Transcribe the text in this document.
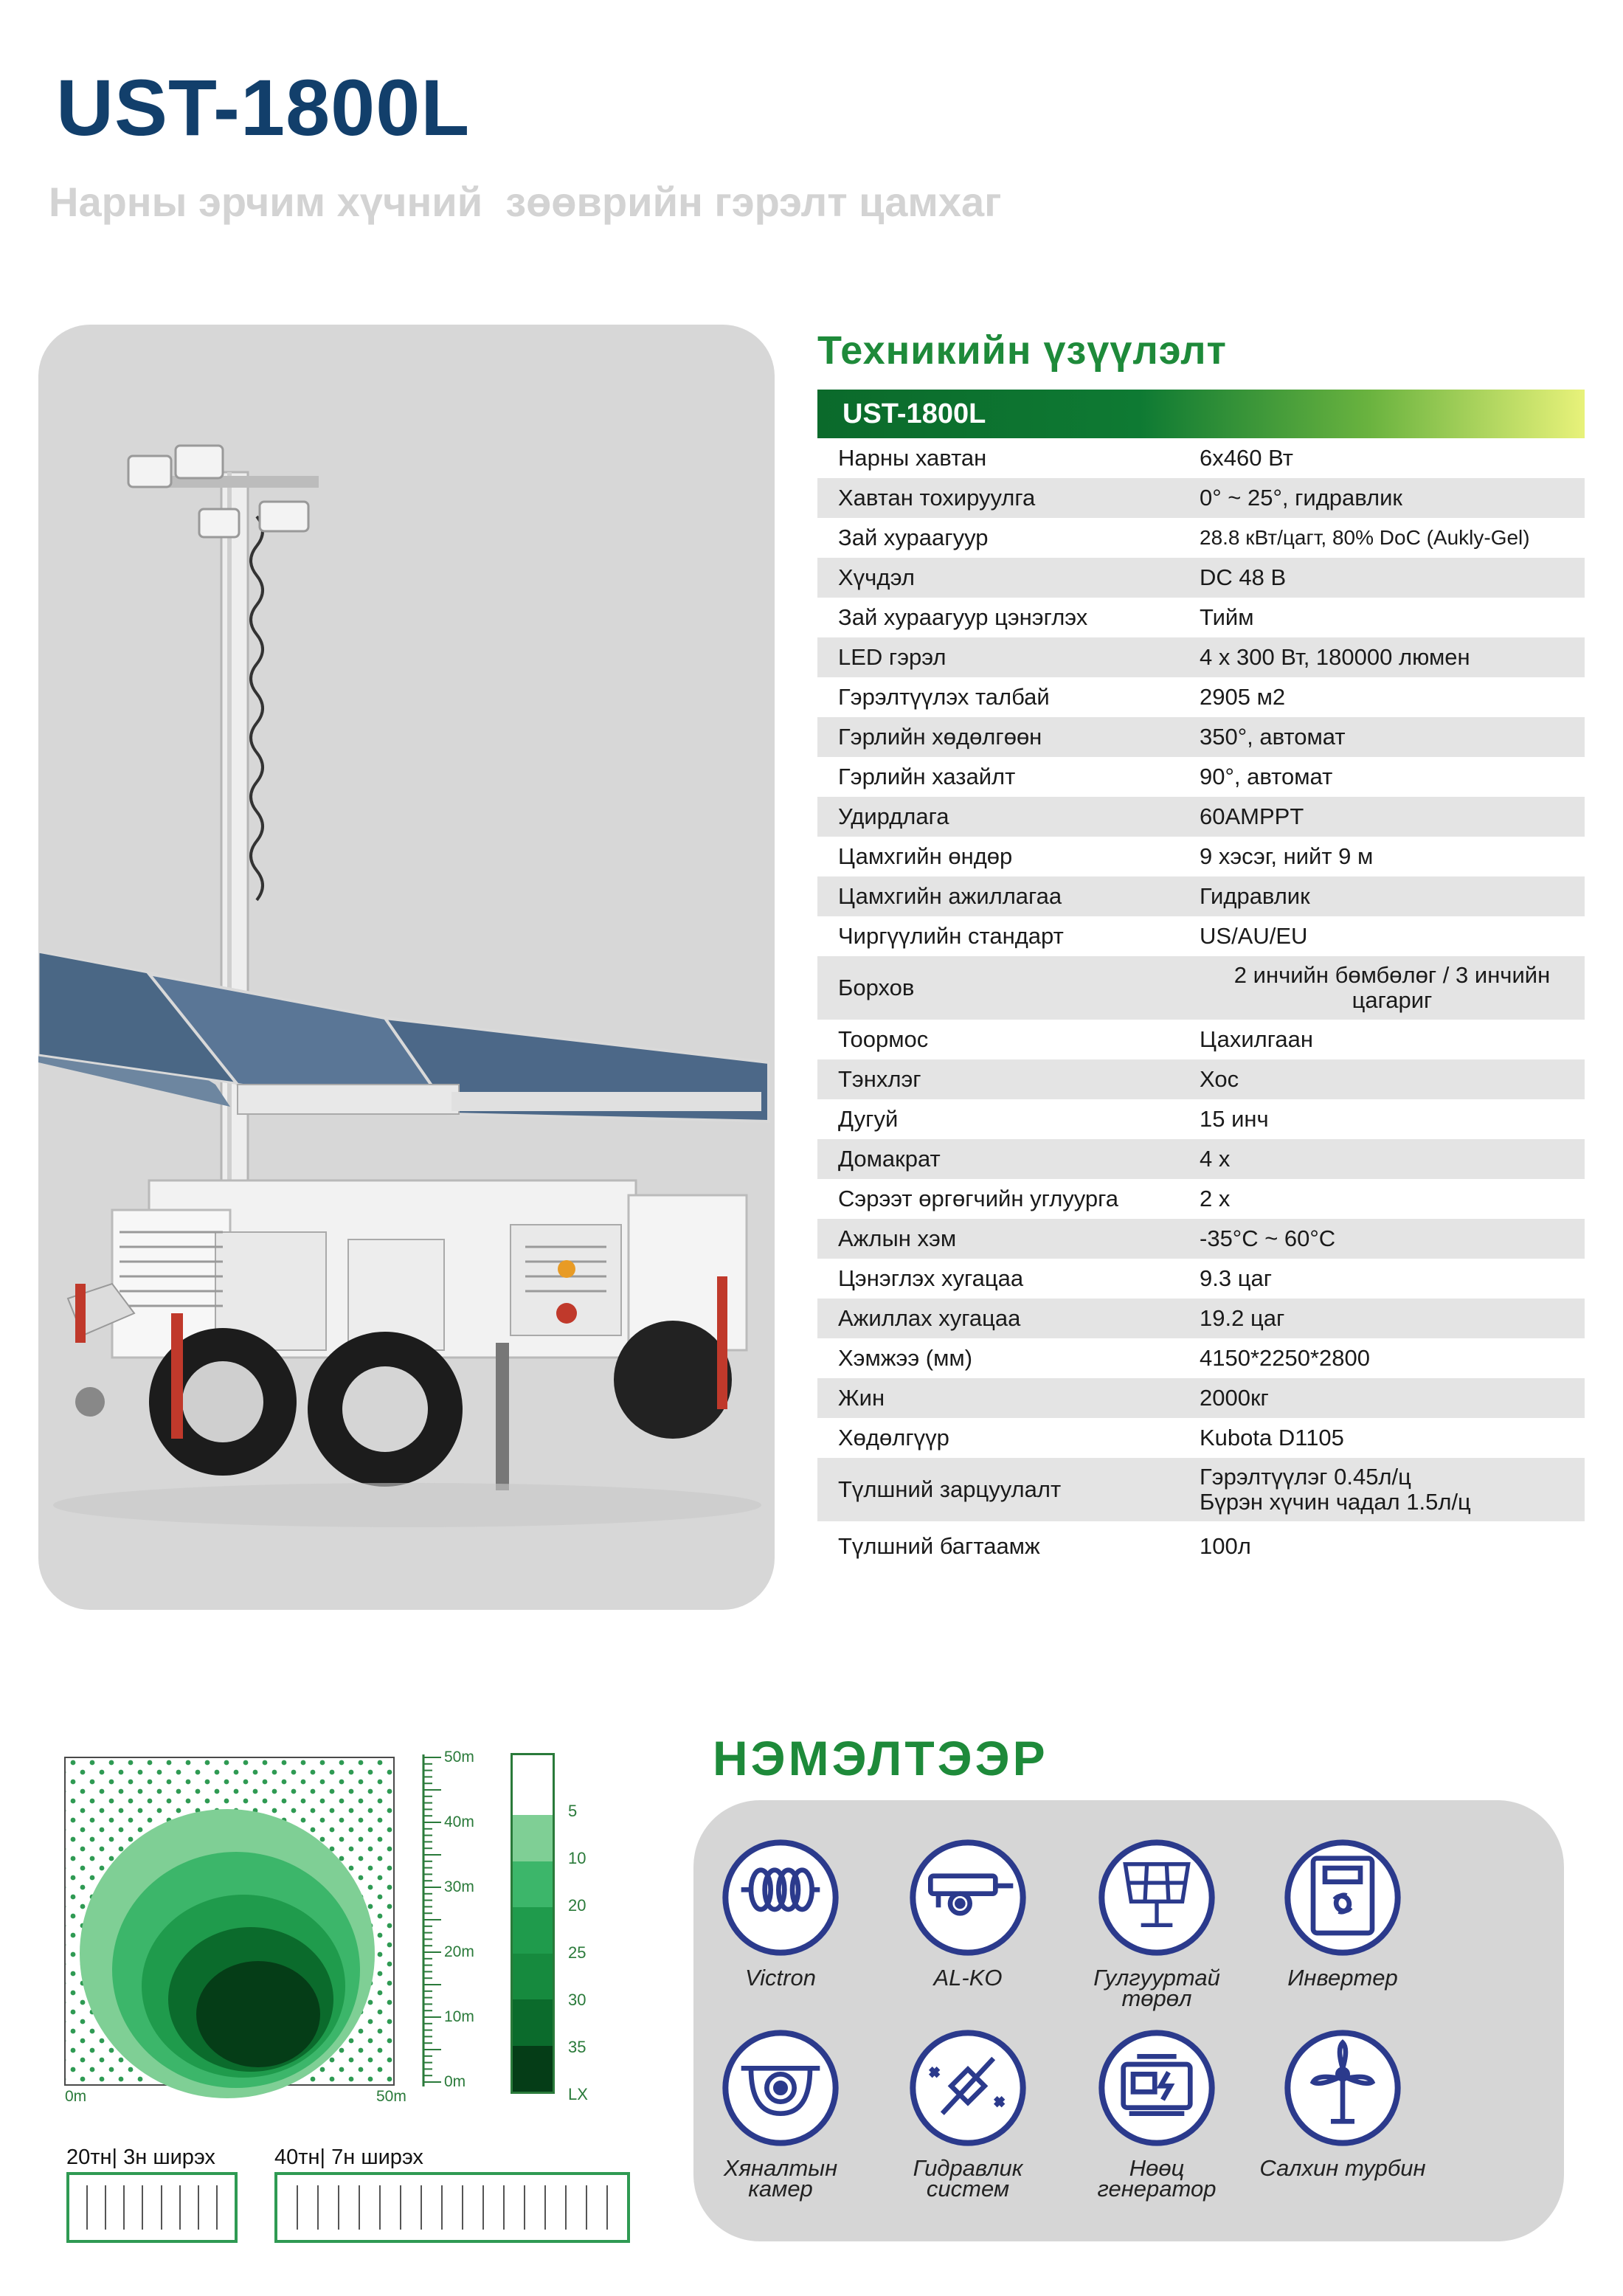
UST-1800L
Нарны эрчим хүчний  зөөврийн гэрэлт цамхаг
Техникийн үзүүлэлт
UST-1800L
Нарны хавтан	6x460 Вт
Хавтан тохируулга	0° ~ 25°, гидравлик
Зай хураагуур	28.8 кВт/цагт, 80% DoC (Aukly-Gel)
Хүчдэл	DC 48 В
Зай хураагуур цэнэглэх	Тийм
LED гэрэл	4 x 300 Вт, 180000 люмен
Гэрэлтүүлэх талбай	2905 м2
Гэрлийн хөдөлгөөн	350°, автомат
Гэрлийн хазайлт	90°, автомат
Удирдлага	60AMPPT
Цамхгийн өндөр	9 хэсэг, нийт 9 м
Цамхгийн ажиллагаа	Гидравлик
Чиргүүлийн стандарт	US/AU/EU
Борхов	2 инчийн бөмбөлөг / 3 инчийн цагариг
Тоормос	Цахилгаан
Тэнхлэг	Хос
Дугуй	15 инч
Домакрат	4 x
Сэрээт өргөгчийн углуурга	2 x
Ажлын хэм	-35°C ~ 60°C
Цэнэглэх хугацаа	9.3 цаг
Ажиллах хугацаа	19.2 цаг
Хэмжээ (мм)	4150*2250*2800
Жин	2000кг
Хөдөлгүүр	Kubota D1105
Түлшний зарцуулалт	Гэрэлтүүлэг 0.45л/ц
Бүрэн хүчин чадал 1.5л/ц
Түлшний багтаамж	100л
50m
40m
30m
20m
10m
0m
0m	50m
5
10
20
25
30
35
LX
20тн| 3н ширэх	40тн| 7н ширэх
НЭМЭЛТЭЭР
Victron	AL-KO	Гулгууртай төрөл
Инвертер
Хяналтын камер
Гидравлик систем
Нөөц генератор
Салхин турбин
